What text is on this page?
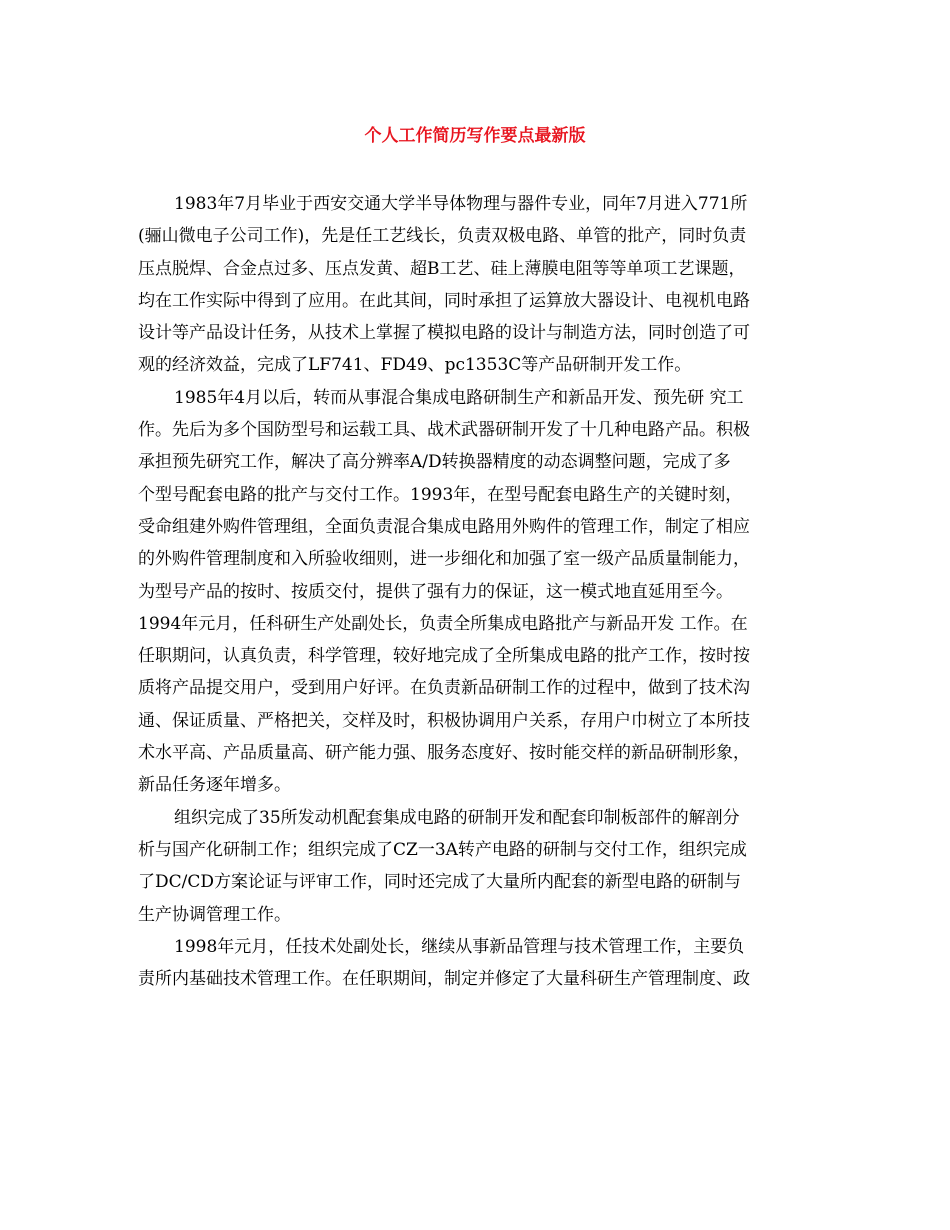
个人工作简历写作要点最新版
1983年7月毕业于西安交通大学半导体物理与器件专业，同年7月进入771所
(骊山微电子公司工作)，先是任工艺线长，负责双极电路、单管的批产，同时负责
压点脱焊、合金点过多、压点发黄、超B工艺、硅上薄膜电阻等等单项工艺课题，
均在工作实际中得到了应用。在此其间，同时承担了运算放大器设计、电视机电路
设计等产品设计任务，从技术上掌握了模拟电路的设计与制造方法，同时创造了可
观的经济效益，完成了LF741、FD49、pc1353C等产品研制开发工作。
1985年4月以后，转而从事混合集成电路研制生产和新品开发、预先研 究工
作。先后为多个国防型号和运载工具、战术武器研制开发了十几种电路产品。积极
承担预先研究工作，解决了高分辨率A/D转换器精度的动态调整问题，完成了多
个型号配套电路的批产与交付工作。1993年，在型号配套电路生产的关键时刻，
受命组建外购件管理组，全面负责混合集成电路用外购件的管理工作，制定了相应
的外购件管理制度和入所验收细则，进一步细化和加强了室一级产品质量制能力，
为型号产品的按时、按质交付，提供了强有力的保证，这一模式地直延用至今。
1994年元月，任科研生产处副处长，负责全所集成电路批产与新品开发 工作。在
任职期问，认真负责，科学管理，较好地完成了全所集成电路的批产工作，按时按
质将产品提交用户，受到用户好评。在负责新品研制工作的过程中，做到了技术沟
通、保证质量、严格把关，交样及时，积极协调用户关系，存用户巾树立了本所技
术水平高、产品质量高、研产能力强、服务态度好、按时能交样的新品研制形象，
新品任务逐年增多。
组织完成了35所发动机配套集成电路的研制开发和配套印制板部件的解剖分
析与国产化研制工作；组织完成了CZ一3A转产电路的研制与交付工作，组织完成
了DC/CD方案论证与评审工作，同时还完成了大量所内配套的新型电路的研制与
生产协调管理工作。
1998年元月，任技术处副处长，继续从事新品管理与技术管理工作，主要负
责所内基础技术管理工作。在任职期间，制定并修定了大量科研生产管理制度、政
